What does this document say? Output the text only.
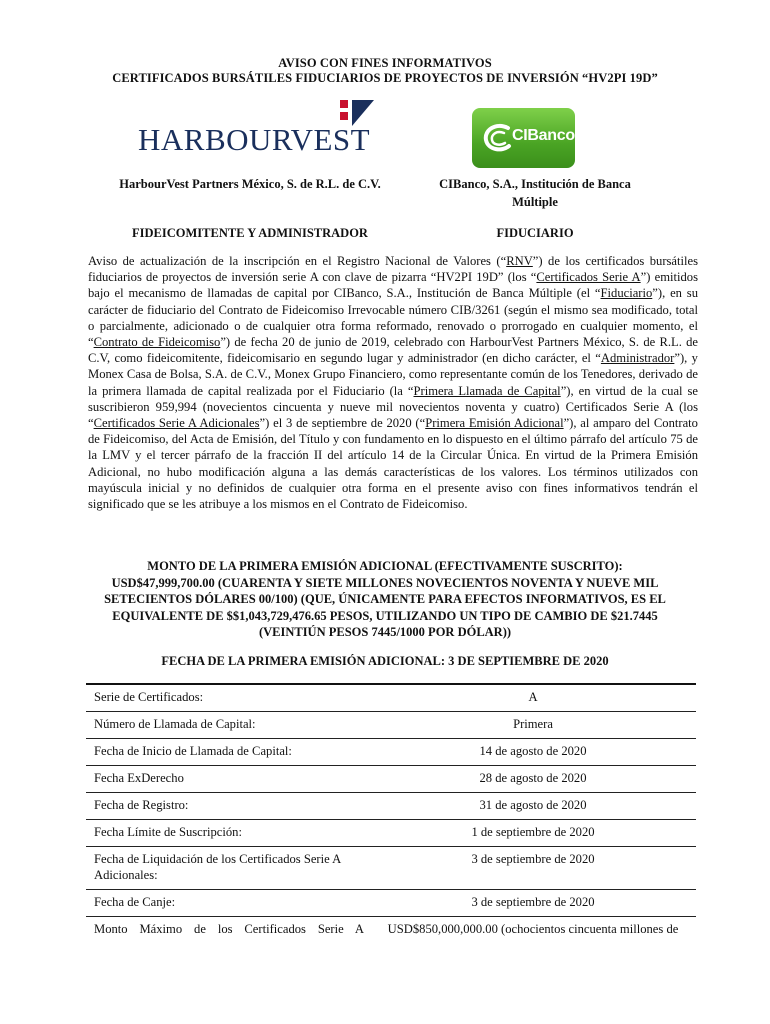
AVISO CON FINES INFORMATIVOS
CERTIFICADOS BURSÁTILES FIDUCIARIOS DE PROYECTOS DE INVERSIÓN “HV2PI 19D”
HARBOURVEST	CIBanco
HarbourVest Partners México, S. de R.L. de C.V.	CIBanco, S.A., Institución de Banca Múltiple
FIDEICOMITENTE Y ADMINISTRADOR	FIDUCIARIO
Aviso de actualización de la inscripción en el Registro Nacional de Valores (“RNV”) de los certificados bursátiles fiduciarios de proyectos de inversión serie A con clave de pizarra “HV2PI 19D” (los “Certificados Serie A”) emitidos bajo el mecanismo de llamadas de capital por CIBanco, S.A., Institución de Banca Múltiple (el “Fiduciario”), en su carácter de fiduciario del Contrato de Fideicomiso Irrevocable número CIB/3261 (según el mismo sea modificado, total o parcialmente, adicionado o de cualquier otra forma reformado, renovado o prorrogado en cualquier momento, el “Contrato de Fideicomiso”) de fecha 20 de junio de 2019, celebrado con HarbourVest Partners México, S. de R.L. de C.V, como fideicomitente, fideicomisario en segundo lugar y administrador (en dicho carácter, el “Administrador”), y Monex Casa de Bolsa, S.A. de C.V., Monex Grupo Financiero, como representante común de los Tenedores, derivado de la primera llamada de capital realizada por el Fiduciario (la “Primera Llamada de Capital”), en virtud de la cual se suscribieron 959,994 (novecientos cincuenta y nueve mil novecientos noventa y cuatro) Certificados Serie A (los “Certificados Serie A Adicionales”) el 3 de septiembre de 2020 (“Primera Emisión Adicional”), al amparo del Contrato de Fideicomiso, del Acta de Emisión, del Título y con fundamento en lo dispuesto en el último párrafo del artículo 75 de la LMV y el tercer párrafo de la fracción II del artículo 14 de la Circular Única. En virtud de la Primera Emisión Adicional, no hubo modificación alguna a las demás características de los valores. Los términos utilizados con mayúscula inicial y no definidos de cualquier otra forma en el presente aviso con fines informativos tendrán el significado que se les atribuye a los mismos en el Contrato de Fideicomiso.
MONTO DE LA PRIMERA EMISIÓN ADICIONAL (EFECTIVAMENTE SUSCRITO):
USD$47,999,700.00 (CUARENTA Y SIETE MILLONES NOVECIENTOS NOVENTA Y NUEVE MIL
SETECIENTOS DÓLARES 00/100) (QUE, ÚNICAMENTE PARA EFECTOS INFORMATIVOS, ES EL
EQUIVALENTE DE $$1,043,729,476.65 PESOS, UTILIZANDO UN TIPO DE CAMBIO DE $21.7445
(VEINTIÚN PESOS 7445/1000 POR DÓLAR))
FECHA DE LA PRIMERA EMISIÓN ADICIONAL: 3 DE SEPTIEMBRE DE 2020
Serie de Certificados:	A
Número de Llamada de Capital:	Primera
Fecha de Inicio de Llamada de Capital:	14 de agosto de 2020
Fecha ExDerecho	28 de agosto de 2020
Fecha de Registro:	31 de agosto de 2020
Fecha Límite de Suscripción:	1 de septiembre de 2020
Fecha de Liquidación de los Certificados Serie A Adicionales:	3 de septiembre de 2020
Fecha de Canje:	3 de septiembre de 2020
Monto Máximo de los Certificados Serie A	USD$850,000,000.00 (ochocientos cincuenta millones de
